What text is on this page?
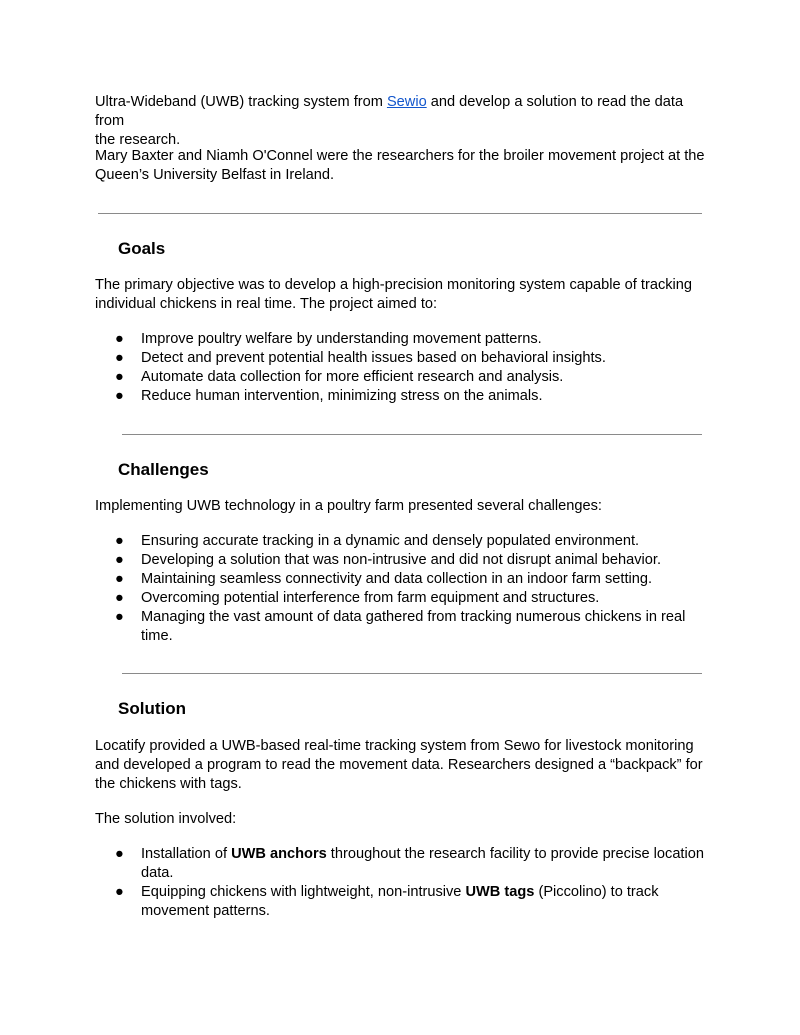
Ultra-Wideband (UWB) tracking system from Sewio and develop a solution to read the data from
the research.

Mary Baxter and Niamh O'Connel were the researchers for the broiler movement project at the
Queen’s University Belfast in Ireland.

Goals

The primary objective was to develop a high-precision monitoring system capable of tracking
individual chickens in real time. The project aimed to:

● Improve poultry welfare by understanding movement patterns.
● Detect and prevent potential health issues based on behavioral insights.
● Automate data collection for more efficient research and analysis.
● Reduce human intervention, minimizing stress on the animals.
Challenges

Implementing UWB technology in a poultry farm presented several challenges:

● Ensuring accurate tracking in a dynamic and densely populated environment.
● Developing a solution that was non-intrusive and did not disrupt animal behavior.
● Maintaining seamless connectivity and data collection in an indoor farm setting.
● Overcoming potential interference from farm equipment and structures.
● Managing the vast amount of data gathered from tracking numerous chickens in real
time.
Solution

Locatify provided a UWB-based real-time tracking system from Sewo for livestock monitoring
and developed a program to read the movement data. Researchers designed a “backpack” for
the chickens with tags.

The solution involved:

● Installation of UWB anchors throughout the research facility to provide precise location
data.
● Equipping chickens with lightweight, non-intrusive UWB tags (Piccolino) to track
movement patterns.
